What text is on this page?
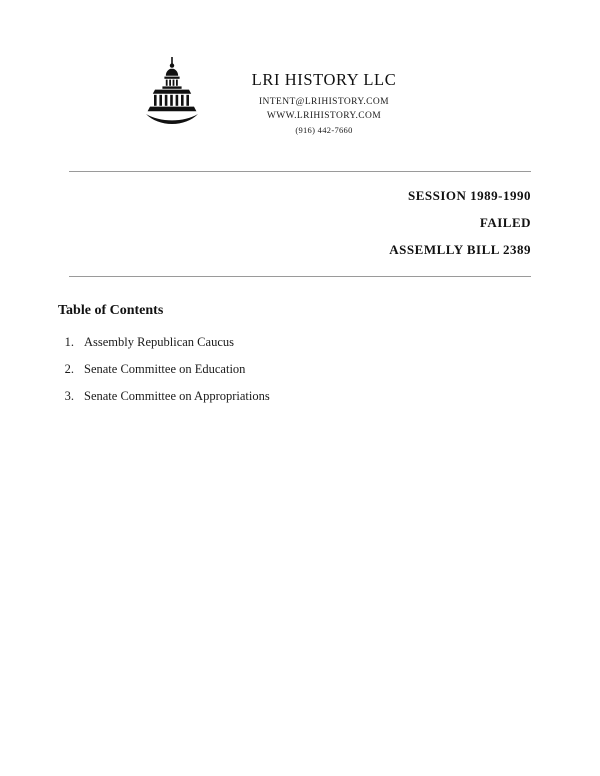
LRI HISTORY LLC
INTENT@LRIHISTORY.COM
WWW.LRIHISTORY.COM
(916) 442-7660
SESSION 1989-1990
FAILED
ASSEMLLY BILL 2389
Table of Contents
1. Assembly Republican Caucus
2. Senate Committee on Education
3. Senate Committee on Appropriations
